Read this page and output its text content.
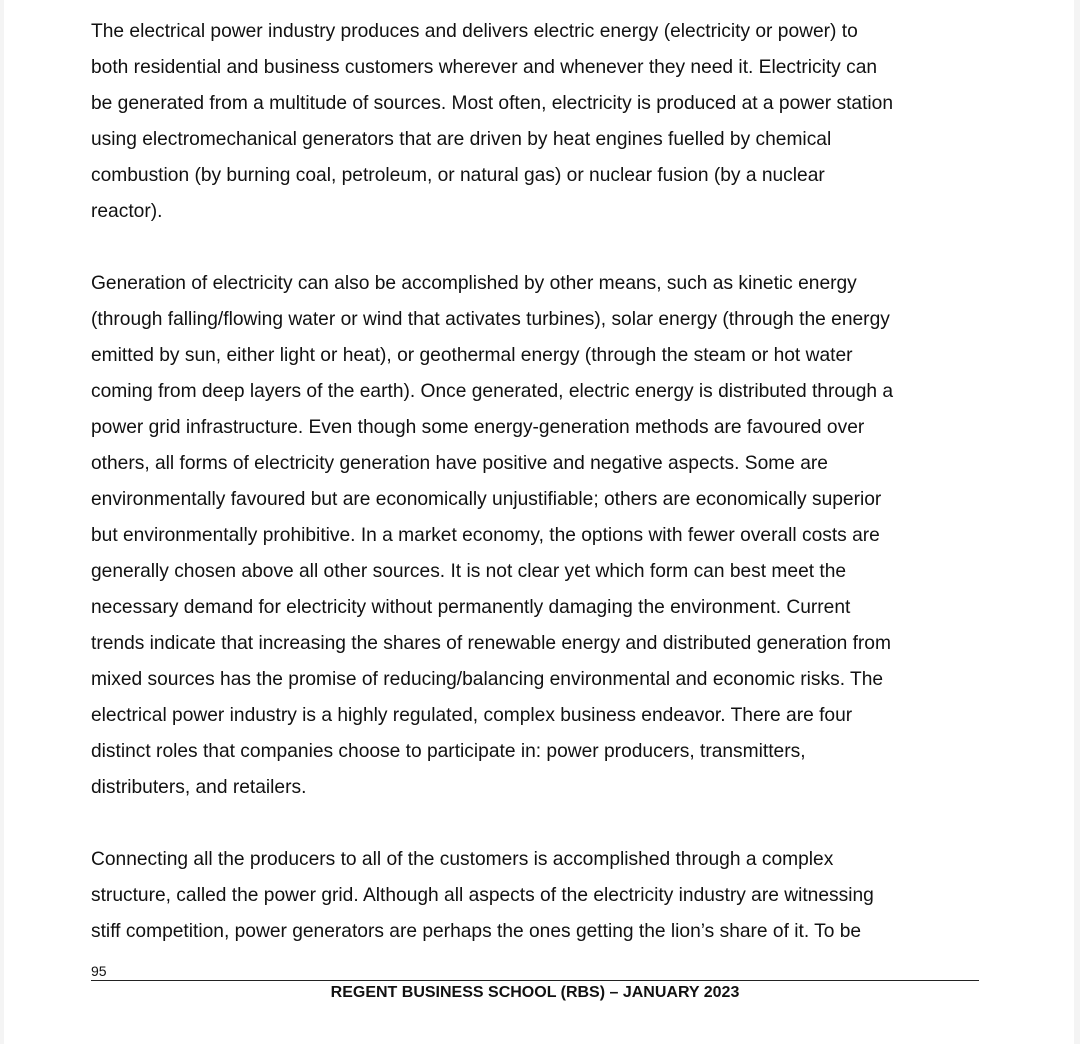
The electrical power industry produces and delivers electric energy (electricity or power) to
both residential and business customers wherever and whenever they need it. Electricity can
be generated from a multitude of sources. Most often, electricity is produced at a power station
using electromechanical generators that are driven by heat engines fuelled by chemical
combustion (by burning coal, petroleum, or natural gas) or nuclear fusion (by a nuclear
reactor).

Generation of electricity can also be accomplished by other means, such as kinetic energy
(through falling/flowing water or wind that activates turbines), solar energy (through the energy
emitted by sun, either light or heat), or geothermal energy (through the steam or hot water
coming from deep layers of the earth). Once generated, electric energy is distributed through a
power grid infrastructure. Even though some energy-generation methods are favoured over
others, all forms of electricity generation have positive and negative aspects. Some are
environmentally favoured but are economically unjustifiable; others are economically superior
but environmentally prohibitive. In a market economy, the options with fewer overall costs are
generally chosen above all other sources. It is not clear yet which form can best meet the
necessary demand for electricity without permanently damaging the environment. Current
trends indicate that increasing the shares of renewable energy and distributed generation from
mixed sources has the promise of reducing/balancing environmental and economic risks. The
electrical power industry is a highly regulated, complex business endeavor. There are four
distinct roles that companies choose to participate in: power producers, transmitters,
distributers, and retailers.

Connecting all the producers to all of the customers is accomplished through a complex
structure, called the power grid. Although all aspects of the electricity industry are witnessing
stiff competition, power generators are perhaps the ones getting the lion’s share of it. To be

95
REGENT BUSINESS SCHOOL (RBS) – JANUARY 2023
